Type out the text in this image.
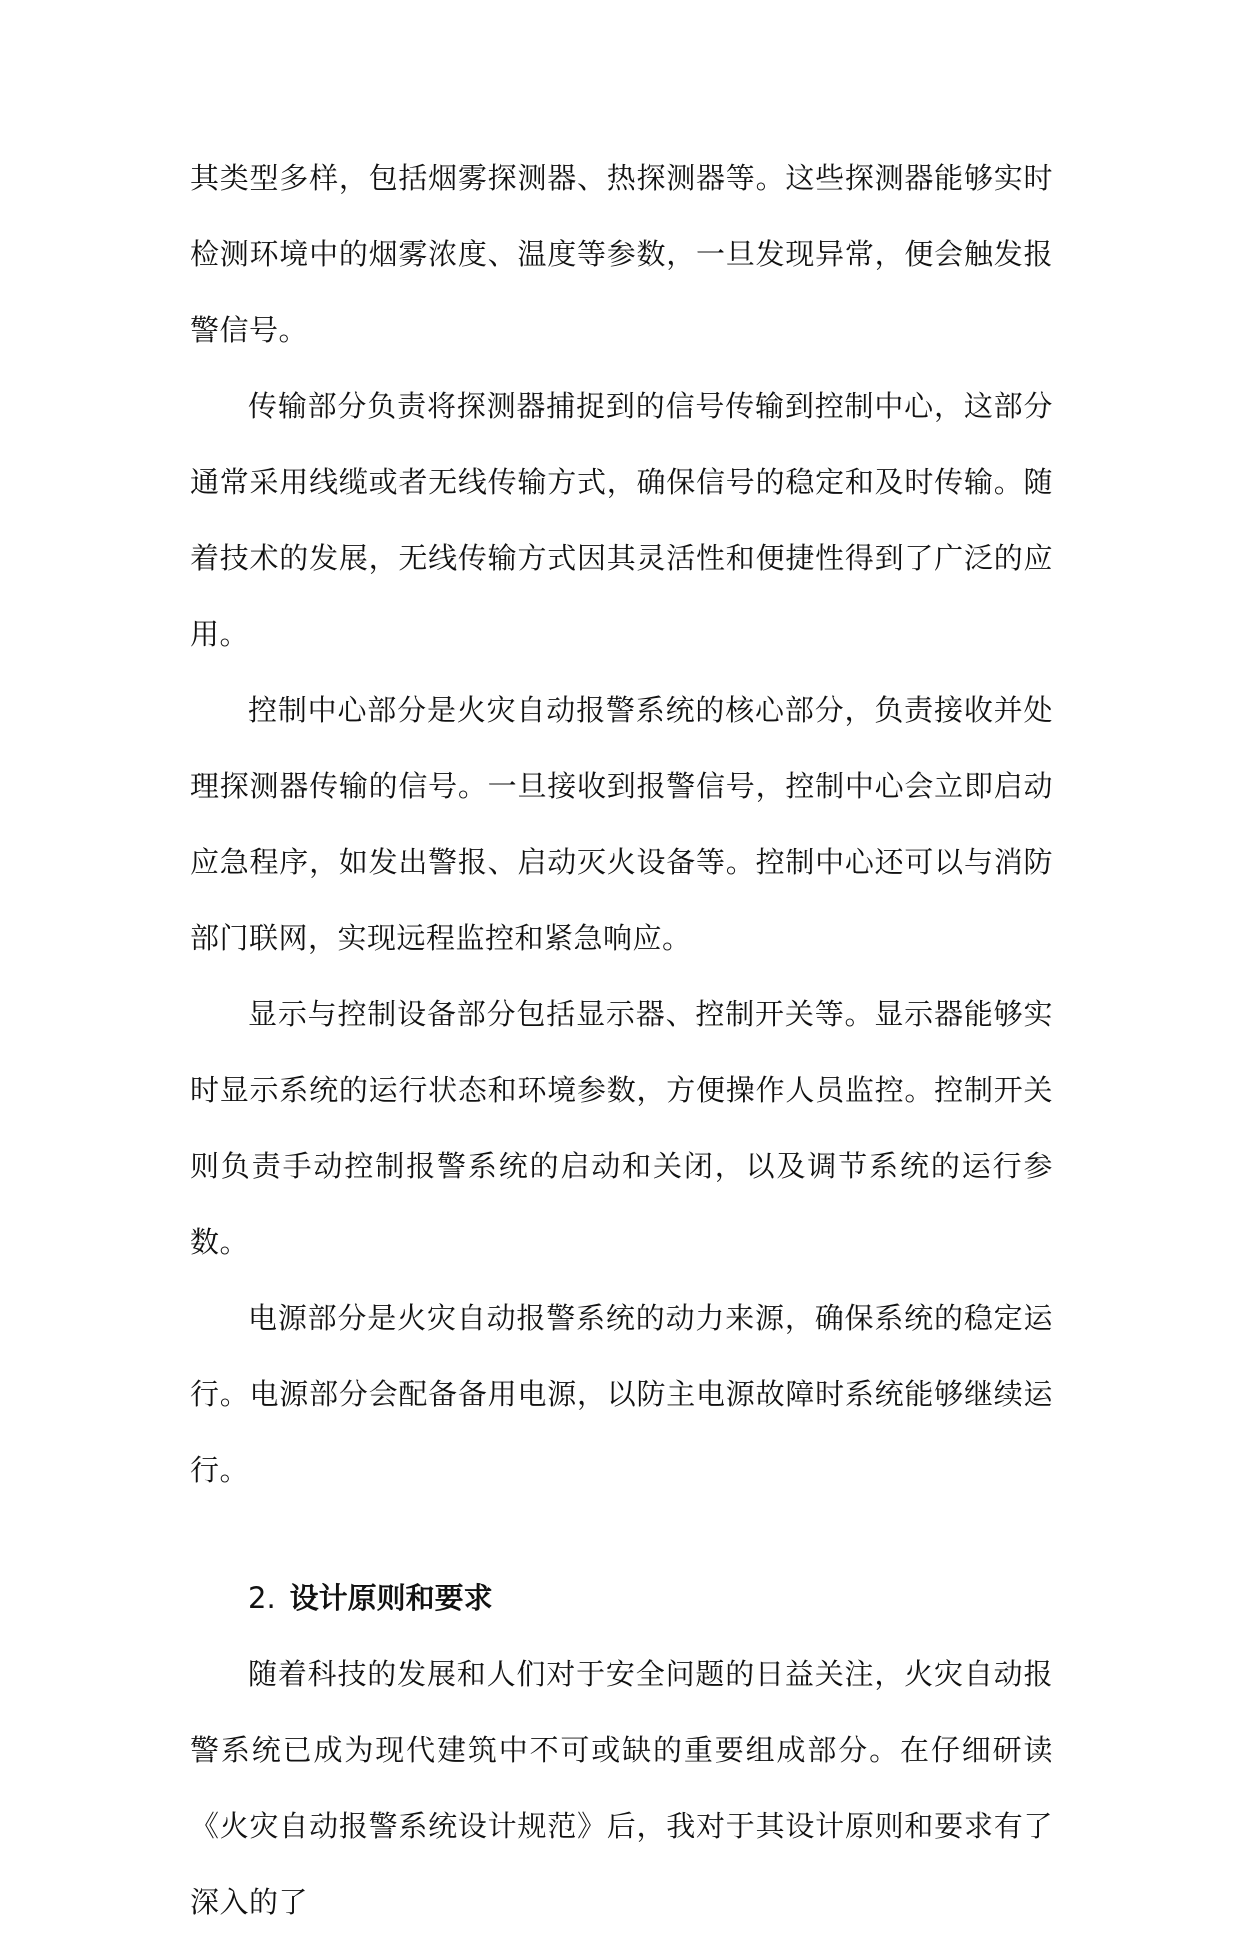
其类型多样，包括烟雾探测器、热探测器等。这些探测器能够实时检测环境中的烟雾浓度、温度等参数，一旦发现异常，便会触发报警信号。

传输部分负责将探测器捕捉到的信号传输到控制中心，这部分通常采用线缆或者无线传输方式，确保信号的稳定和及时传输。随着技术的发展，无线传输方式因其灵活性和便捷性得到了广泛的应用。

控制中心部分是火灾自动报警系统的核心部分，负责接收并处理探测器传输的信号。一旦接收到报警信号，控制中心会立即启动应急程序，如发出警报、启动灭火设备等。控制中心还可以与消防部门联网，实现远程监控和紧急响应。

显示与控制设备部分包括显示器、控制开关等。显示器能够实时显示系统的运行状态和环境参数，方便操作人员监控。控制开关则负责手动控制报警系统的启动和关闭，以及调节系统的运行参数。

电源部分是火灾自动报警系统的动力来源，确保系统的稳定运行。电源部分会配备备用电源，以防主电源故障时系统能够继续运行。

2. 设计原则和要求

随着科技的发展和人们对于安全问题的日益关注，火灾自动报警系统已成为现代建筑中不可或缺的重要组成部分。在仔细研读《火灾自动报警系统设计规范》后，我对于其设计原则和要求有了深入的了
